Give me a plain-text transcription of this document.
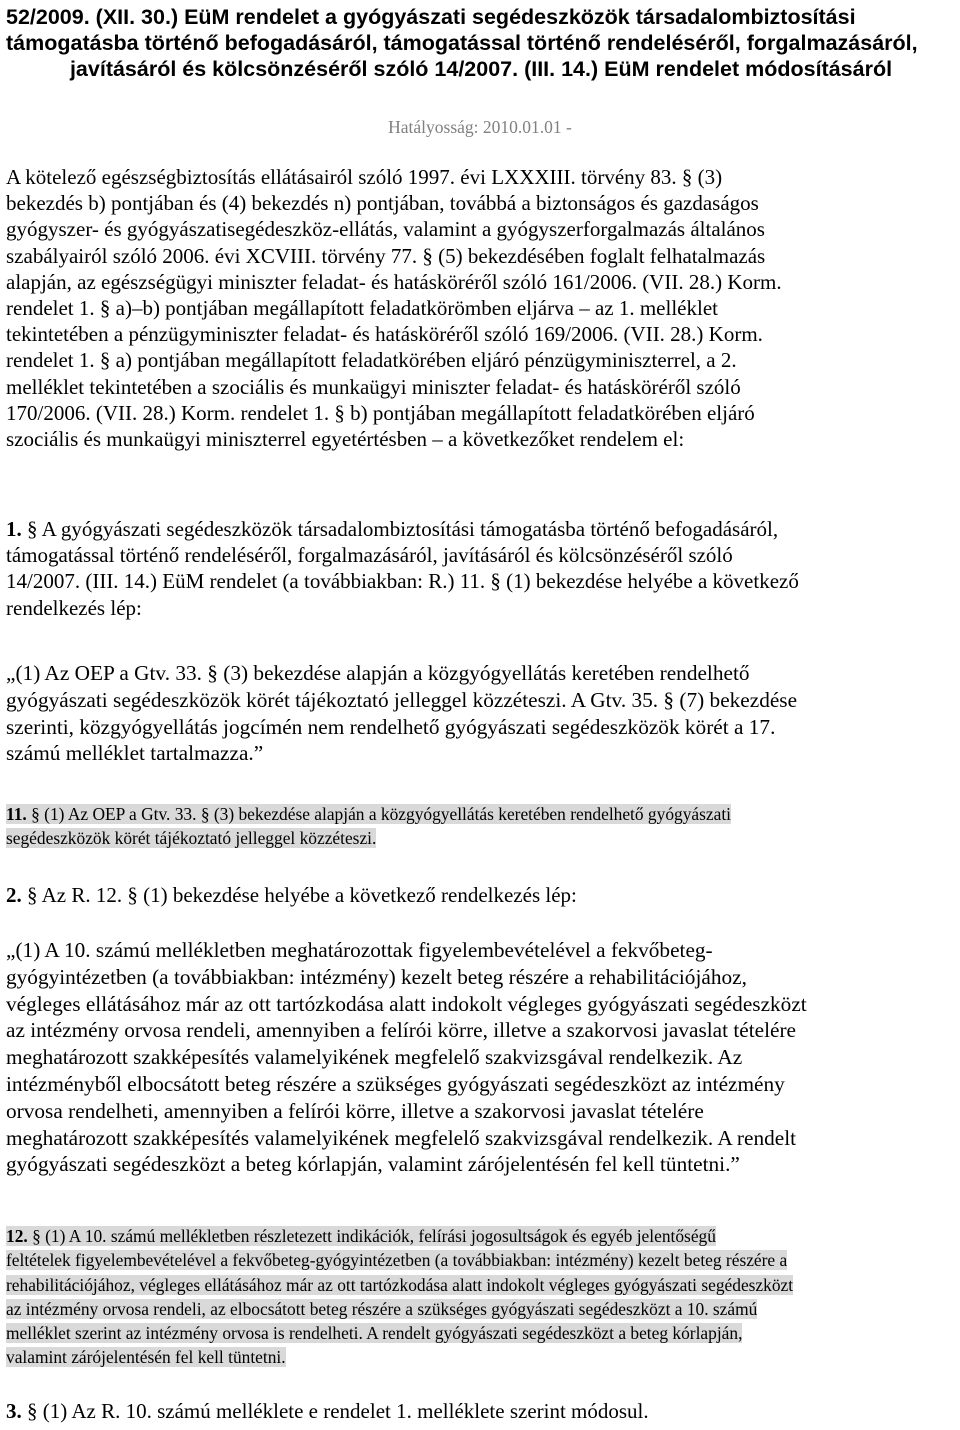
52/2009. (XII. 30.) EüM rendelet a gyógyászati segédeszközök társadalombiztosítási
támogatásba történő befogadásáról, támogatással történő rendeléséről, forgalmazásáról,
javításáról és kölcsönzéséről szóló 14/2007. (III. 14.) EüM rendelet módosításáról
Hatályosság: 2010.01.01 -
A kötelező egészségbiztosítás ellátásairól szóló 1997. évi LXXXIII. törvény 83. § (3)
bekezdés b) pontjában és (4) bekezdés n) pontjában, továbbá a biztonságos és gazdaságos
gyógyszer- és gyógyászatisegédeszköz-ellátás, valamint a gyógyszerforgalmazás általános
szabályairól szóló 2006. évi XCVIII. törvény 77. § (5) bekezdésében foglalt felhatalmazás
alapján, az egészségügyi miniszter feladat- és hatásköréről szóló 161/2006. (VII. 28.) Korm.
rendelet 1. § a)–b) pontjában megállapított feladatkörömben eljárva – az 1. melléklet
tekintetében a pénzügyminiszter feladat- és hatásköréről szóló 169/2006. (VII. 28.) Korm.
rendelet 1. § a) pontjában megállapított feladatkörében eljáró pénzügyminiszterrel, a 2.
melléklet tekintetében a szociális és munkaügyi miniszter feladat- és hatásköréről szóló
170/2006. (VII. 28.) Korm. rendelet 1. § b) pontjában megállapított feladatkörében eljáró
szociális és munkaügyi miniszterrel egyetértésben – a következőket rendelem el:
1. § A gyógyászati segédeszközök társadalombiztosítási támogatásba történő befogadásáról,
támogatással történő rendeléséről, forgalmazásáról, javításáról és kölcsönzéséről szóló
14/2007. (III. 14.) EüM rendelet (a továbbiakban: R.) 11. § (1) bekezdése helyébe a következő
rendelkezés lép:
„(1) Az OEP a Gtv. 33. § (3) bekezdése alapján a közgyógyellátás keretében rendelhető
gyógyászati segédeszközök körét tájékoztató jelleggel közzéteszi. A Gtv. 35. § (7) bekezdése
szerinti, közgyógyellátás jogcímén nem rendelhető gyógyászati segédeszközök körét a 17.
számú melléklet tartalmazza.”
11. § (1) Az OEP a Gtv. 33. § (3) bekezdése alapján a közgyógyellátás keretében rendelhető gyógyászati
segédeszközök körét tájékoztató jelleggel közzéteszi.
2. § Az R. 12. § (1) bekezdése helyébe a következő rendelkezés lép:
„(1) A 10. számú mellékletben meghatározottak figyelembevételével a fekvőbeteg-
gyógyintézetben (a továbbiakban: intézmény) kezelt beteg részére a rehabilitációjához,
végleges ellátásához már az ott tartózkodása alatt indokolt végleges gyógyászati segédeszközt
az intézmény orvosa rendeli, amennyiben a felírói körre, illetve a szakorvosi javaslat tételére
meghatározott szakképesítés valamelyikének megfelelő szakvizsgával rendelkezik. Az
intézményből elbocsátott beteg részére a szükséges gyógyászati segédeszközt az intézmény
orvosa rendelheti, amennyiben a felírói körre, illetve a szakorvosi javaslat tételére
meghatározott szakképesítés valamelyikének megfelelő szakvizsgával rendelkezik. A rendelt
gyógyászati segédeszközt a beteg kórlapján, valamint zárójelentésén fel kell tüntetni.”
12. § (1) A 10. számú mellékletben részletezett indikációk, felírási jogosultságok és egyéb jelentőségű
feltételek figyelembevételével a fekvőbeteg-gyógyintézetben (a továbbiakban: intézmény) kezelt beteg részére a
rehabilitációjához, végleges ellátásához már az ott tartózkodása alatt indokolt végleges gyógyászati segédeszközt
az intézmény orvosa rendeli, az elbocsátott beteg részére a szükséges gyógyászati segédeszközt a 10. számú
melléklet szerint az intézmény orvosa is rendelheti. A rendelt gyógyászati segédeszközt a beteg kórlapján,
valamint zárójelentésén fel kell tüntetni.
3. § (1) Az R. 10. számú melléklete e rendelet 1. melléklete szerint módosul.
